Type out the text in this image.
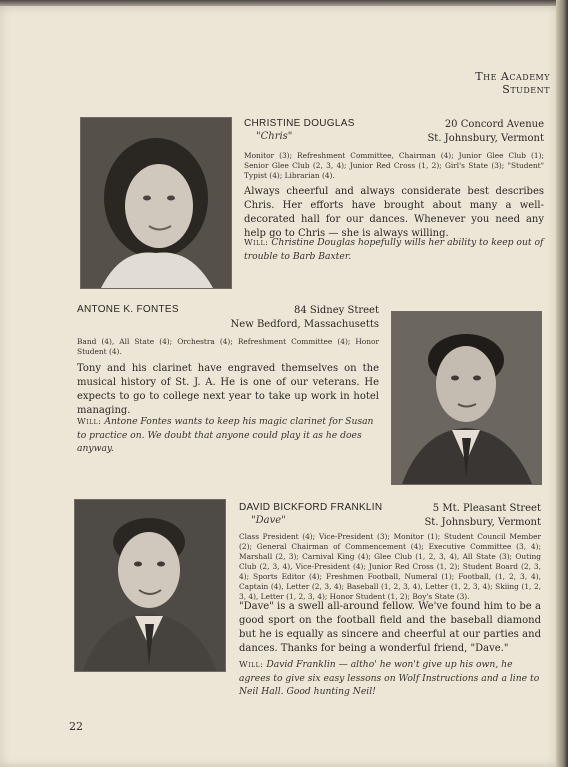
The Academy Student
CHRISTINE DOUGLAS
"Chris"
20 Concord Avenue
St. Johnsbury, Vermont
Monitor (3); Refreshment Committee, Chairman (4); Junior Glee Club (1); Senior Glee Club (2, 3, 4); Junior Red Cross (1, 2); Girl's State (3); "Student" Typist (4); Librarian (4).
Always cheerful and always considerate best describes Chris. Her efforts have brought about many a well-decorated hall for our dances. Whenever you need any help go to Chris — she is always willing.
Will: Christine Douglas hopefully wills her ability to keep out of trouble to Barb Baxter.
ANTONE K. FONTES	84 Sidney Street
New Bedford, Massachusetts
Band (4), All State (4); Orchestra (4); Refreshment Committee (4); Honor Student (4).
Tony and his clarinet have engraved themselves on the musical history of St. J. A. He is one of our veterans. He expects to go to college next year to take up work in hotel managing.
Will: Antone Fontes wants to keep his magic clarinet for Susan to practice on. We doubt that anyone could play it as he does anyway.
DAVID BICKFORD FRANKLIN
"Dave"
5 Mt. Pleasant Street
St. Johnsbury, Vermont
Class President (4); Vice-President (3); Monitor (1); Student Council Member (2); General Chairman of Commencement (4); Executive Committee (3, 4); Marshall (2, 3); Carnival King (4); Glee Club (1, 2, 3, 4), All State (3); Outing Club (2, 3, 4), Vice-President (4); Junior Red Cross (1, 2); Student Board (2, 3, 4); Sports Editor (4); Freshmen Football, Numeral (1); Football, (1, 2, 3, 4), Captain (4), Letter (2, 3, 4); Baseball (1, 2, 3, 4), Letter (1, 2, 3, 4); Skiing (1, 2, 3, 4), Letter (1, 2, 3, 4); Honor Student (1, 2); Boy's State (3).
"Dave" is a swell all-around fellow. We've found him to be a good sport on the football field and the baseball diamond but he is equally as sincere and cheerful at our parties and dances. Thanks for being a wonderful friend, "Dave."
Will: David Franklin — altho' he won't give up his own, he agrees to give six easy lessons on Wolf Instructions and a line to Neil Hall. Good hunting Neil!
22
